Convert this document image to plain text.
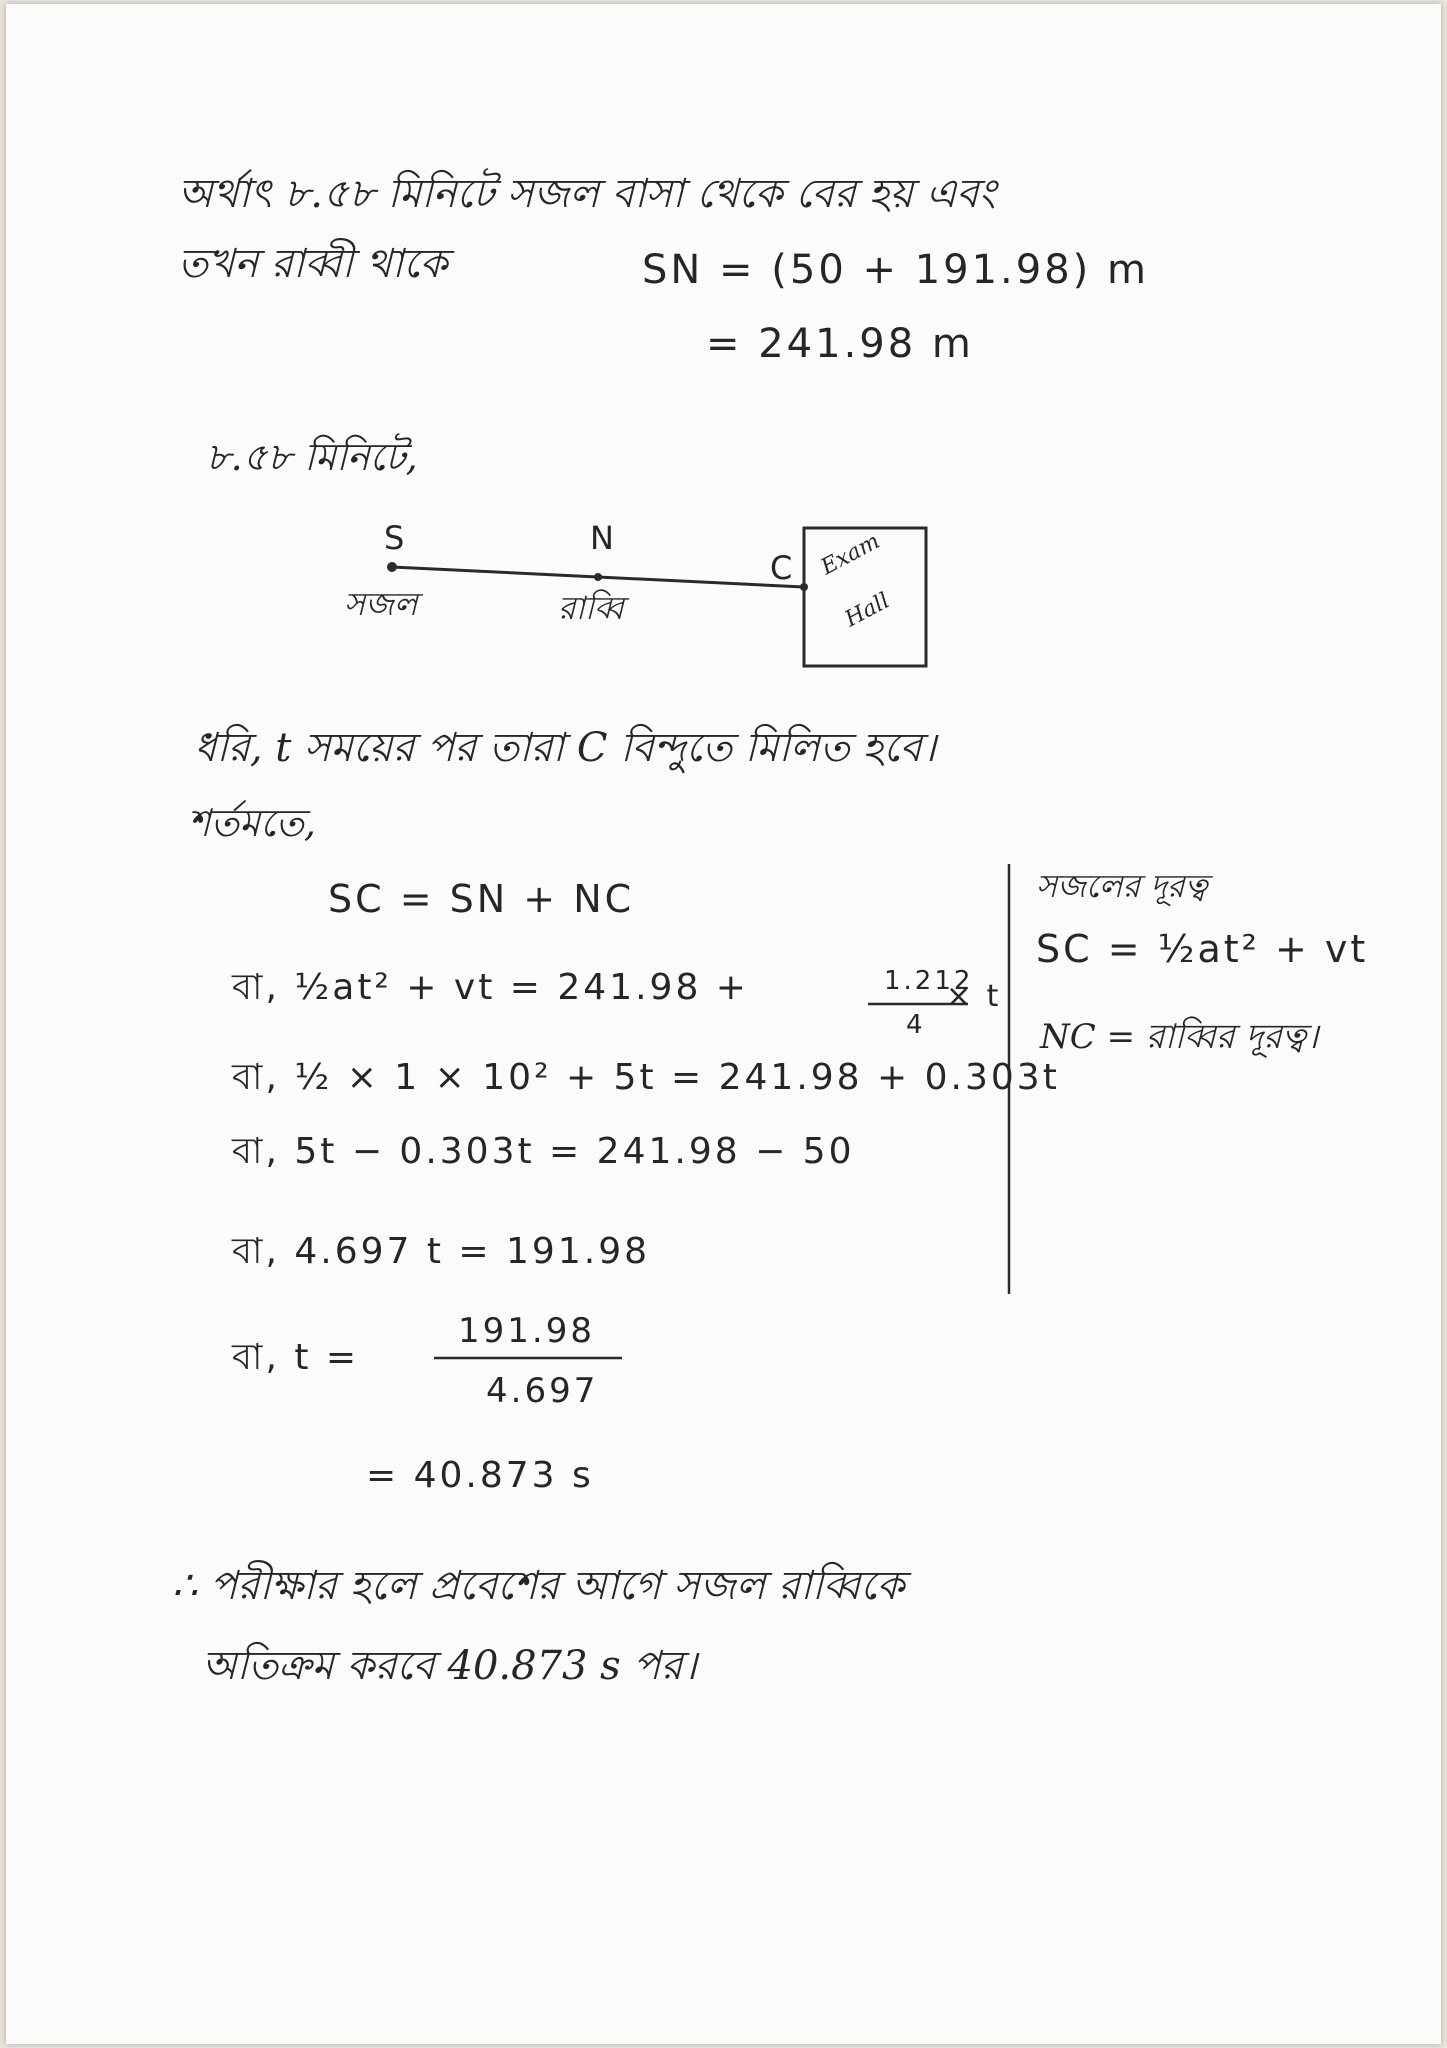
অর্থাৎ ৮.৫৮ মিনিটে সজল বাসা থেকে বের হয় এবং
তখন রাব্বী থাকে	SN = (50 + 191.98) m
= 241.98 m
৮.৫৮ মিনিটে,
S	N
C
সজল	রাব্বি
Exam
Hall
ধরি, t সময়ের পর তারা C বিন্দুতে মিলিত হবে।
শর্তমতে,
সজলের দূরত্ব
SC = ½at² + vt
NC = রাব্বির দূরত্ব।
SC = SN + NC
বা, ½at² + vt = 241.98 +	1.212
4
× t
বা, ½ × 1 × 10² + 5t = 241.98 + 0.303t
বা, 5t − 0.303t = 241.98 − 50
বা, 4.697 t = 191.98
বা, t =
191.98
4.697
= 40.873 s
∴ পরীক্ষার হলে প্রবেশের আগে সজল রাব্বিকে
অতিক্রম করবে 40.873 s পর।
